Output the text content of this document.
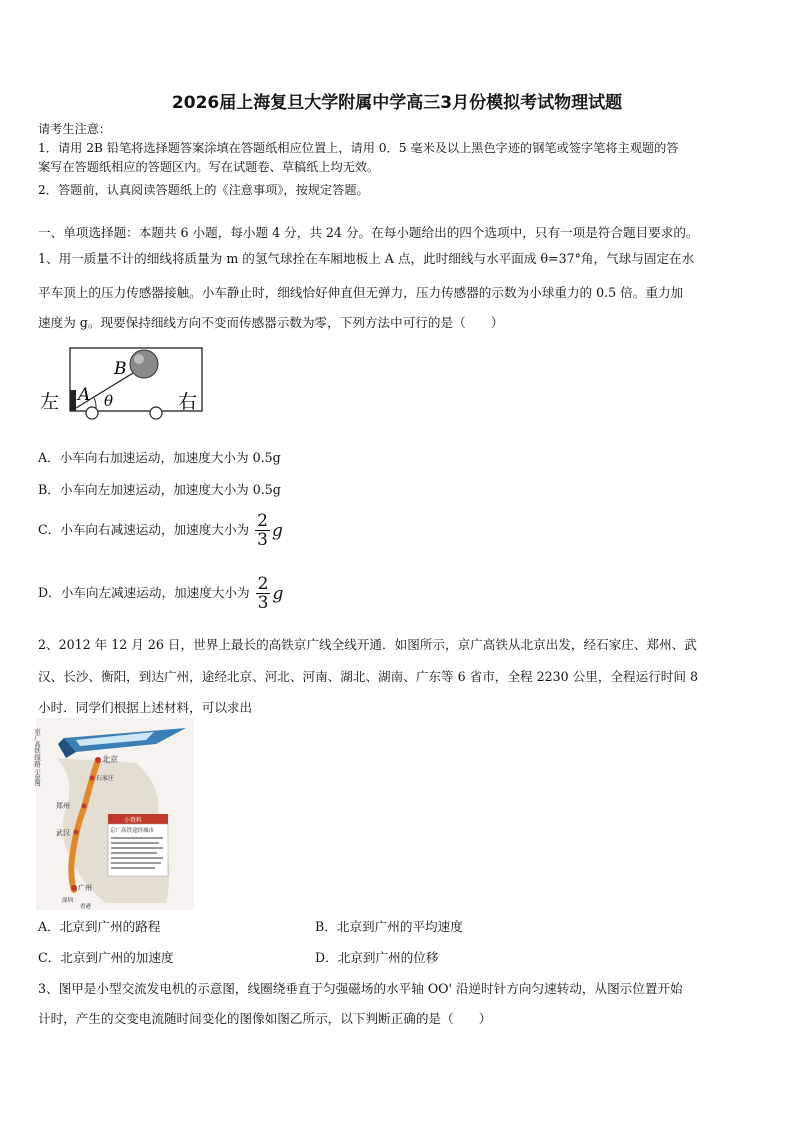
2026届上海复旦大学附属中学高三3月份模拟考试物理试题
请考生注意：
1．请用 2B 铅笔将选择题答案涂填在答题纸相应位置上，请用 0．5 毫米及以上黑色字迹的钢笔或签字笔将主观题的答
案写在答题纸相应的答题区内。写在试题卷、草稿纸上均无效。
2．答题前，认真阅读答题纸上的《注意事项》，按规定答题。
一、单项选择题：本题共 6 小题，每小题 4 分，共 24 分。在每小题给出的四个选项中，只有一项是符合题目要求的。
1、用一质量不计的细线将质量为 m 的氢气球拴在车厢地板上 A 点，此时细线与水平面成 θ=37°角，气球与固定在水
平车顶上的压力传感器接触。小车静止时，细线恰好伸直但无弹力，压力传感器的示数为小球重力的 0.5 倍。重力加
速度为 g。现要保持细线方向不变而传感器示数为零，下列方法中可行的是（　　）
左	右
A
B
θ
A．小车向右加速运动，加速度大小为 0.5g
B．小车向左加速运动，加速度大小为 0.5g
C．小车向右减速运动，加速度大小为 $\frac{2}{3}$ g
D．小车向左减速运动，加速度大小为 $\frac{2}{3}$ g
2、2012 年 12 月 26 日，世界上最长的高铁京广线全线开通．如图所示，京广高铁从北京出发，经石家庄、郑州、武
汉、长沙、衡阳，到达广州，途经北京、河北、河南、湖北、湖南、广东等 6 省市，全程 2230 公里，全程运行时间 8
小时．同学们根据上述材料，可以求出
京广高铁线路示意图	北京
石家庄
郑州
武汉
广州
深圳
香港
小资料
京广高铁途经城市
A．北京到广州的路程	B．北京到广州的平均速度
C．北京到广州的加速度	D．北京到广州的位移
3、图甲是小型交流发电机的示意图，线圈绕垂直于匀强磁场的水平轴 OO' 沿逆时针方向匀速转动，从图示位置开始
计时，产生的交变电流随时间变化的图像如图乙所示，以下判断正确的是（　　）
